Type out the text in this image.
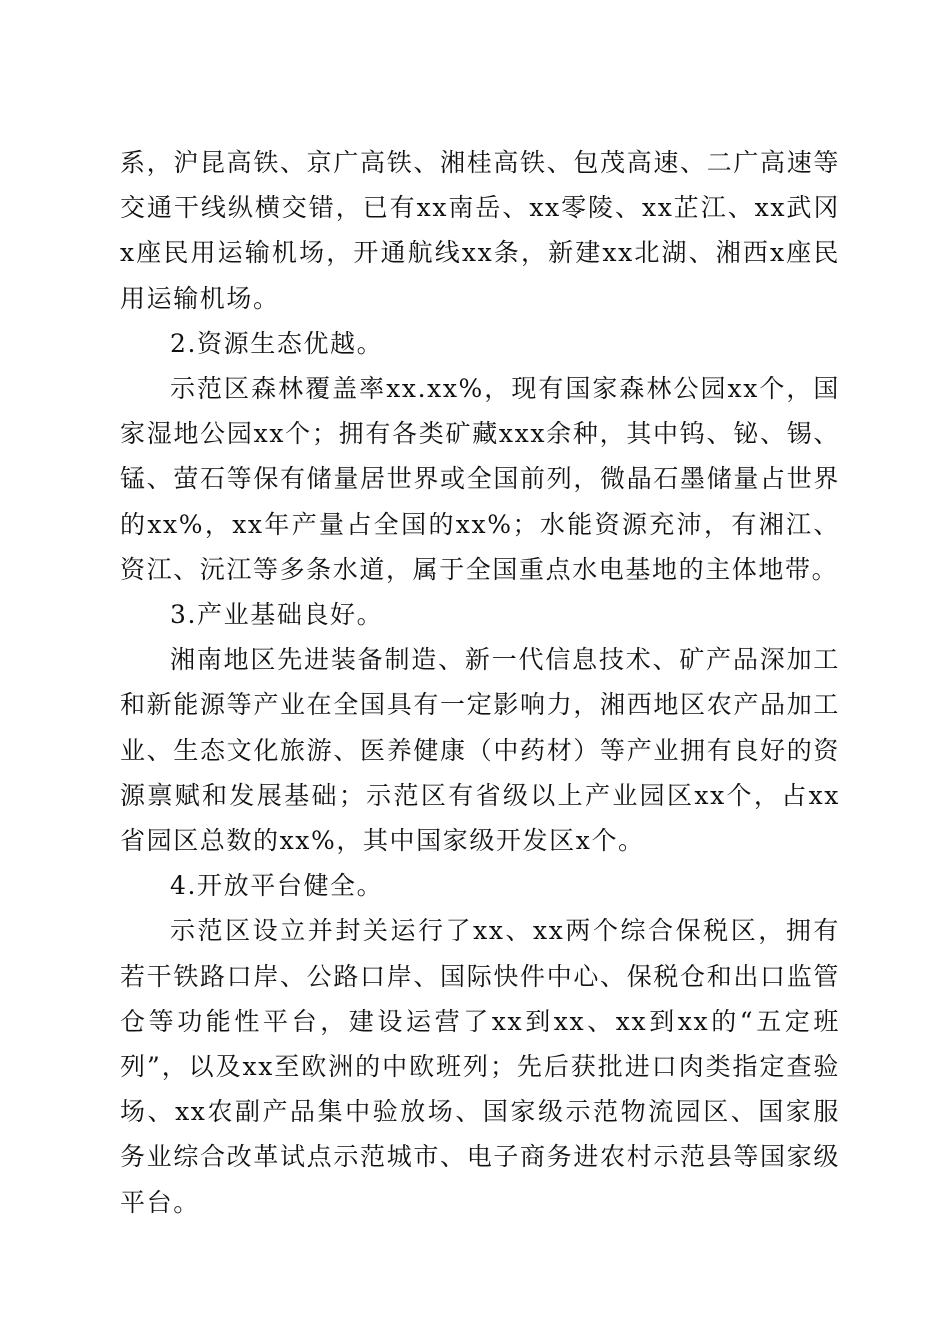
系，沪昆高铁、京广高铁、湘桂高铁、包茂高速、二广高速等交通干线纵横交错，已有xx南岳、xx零陵、xx芷江、xx武冈x座民用运输机场，开通航线xx条，新建xx北湖、湘西x座民用运输机场。

2.资源生态优越。

示范区森林覆盖率xx.xx%，现有国家森林公园xx个，国家湿地公园xx个；拥有各类矿藏xxx余种，其中钨、铋、锡、锰、萤石等保有储量居世界或全国前列，微晶石墨储量占世界的xx%，xx年产量占全国的xx%；水能资源充沛，有湘江、资江、沅江等多条水道，属于全国重点水电基地的主体地带。

3.产业基础良好。

湘南地区先进装备制造、新一代信息技术、矿产品深加工和新能源等产业在全国具有一定影响力，湘西地区农产品加工业、生态文化旅游、医养健康（中药材）等产业拥有良好的资源禀赋和发展基础；示范区有省级以上产业园区xx个，占xx省园区总数的xx%，其中国家级开发区x个。

4.开放平台健全。

示范区设立并封关运行了xx、xx两个综合保税区，拥有若干铁路口岸、公路口岸、国际快件中心、保税仓和出口监管仓等功能性平台，建设运营了xx到xx、xx到xx的“五定班列”，以及xx至欧洲的中欧班列；先后获批进口肉类指定查验场、xx农副产品集中验放场、国家级示范物流园区、国家服务业综合改革试点示范城市、电子商务进农村示范县等国家级平台。
